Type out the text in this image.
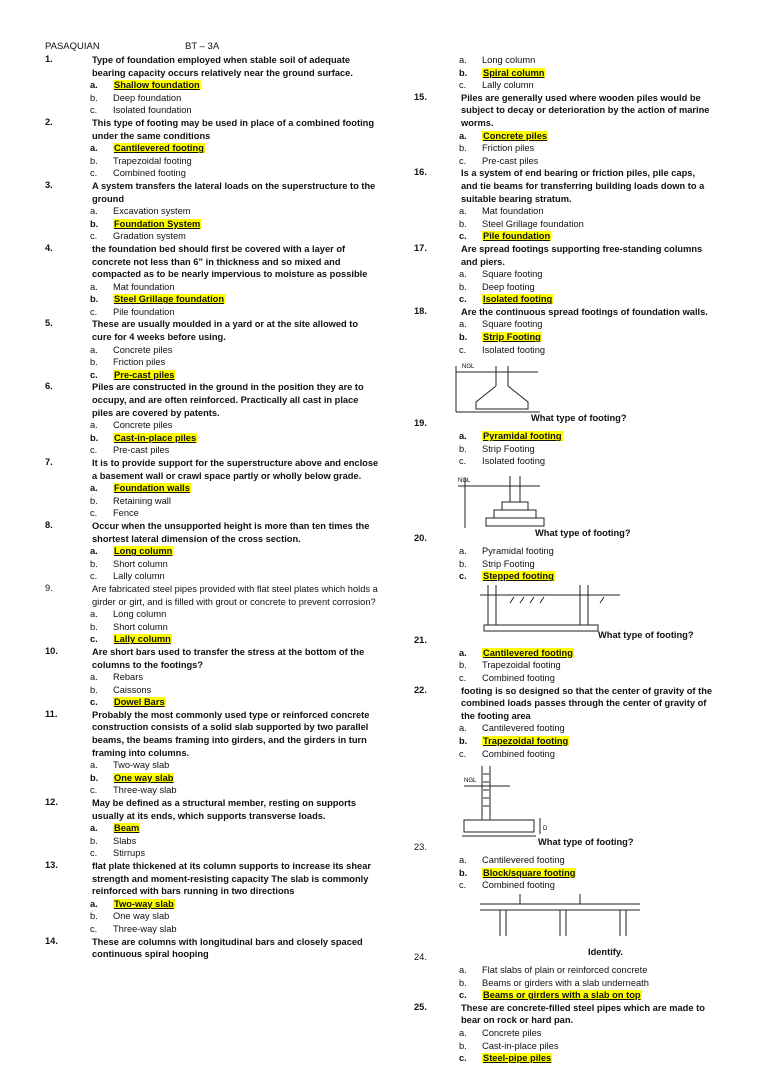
PASAQUIAN	BT – 3A
1.	Type of foundation employed when stable soil of adequate bearing capacity occurs relatively near the ground surface.
a. Shallow foundation
b. Deep foundation
c. Isolated foundation
2.	This type of footing may be used in place of a combined footing under the same conditions
a. Cantilevered footing
b. Trapezoidal footing
c. Combined footing
3.	A system transfers the lateral loads on the superstructure to the ground
a. Excavation system
b. Foundation System
c. Gradation system
4.	the foundation bed should first be covered with a layer of concrete not less than 6” in thickness and so mixed and compacted as to be nearly impervious to moisture as possible
a. Mat foundation
b. Steel Grillage foundation
c. Pile foundation
5.	These are usually moulded in a yard or at the site allowed to cure for 4 weeks before using.
a. Concrete piles
b. Friction piles
c. Pre-cast piles
6.	Piles are constructed in the ground in the position they are to occupy, and are often reinforced. Practically all cast in place piles are covered by patents.
a. Concrete piles
b. Cast-in-place piles
c. Pre-cast piles
7.	It is to provide support for the superstructure above and enclose a basement wall or crawl space partly or wholly below grade.
a. Foundation walls
b. Retaining wall
c. Fence
8.	Occur when the unsupported height is more than ten times the shortest lateral dimension of the cross section.
a. Long column
b. Short column
c. Lally column
9.	Are fabricated steel pipes provided with flat steel plates which holds a girder or girt, and is filled with grout or concrete to prevent corrosion?
a. Long column
b. Short column
c. Lally column
10.	Are short bars used to transfer the stress at the bottom of the columns to the footings?
a. Rebars
b. Caissons
c. Dowel Bars
11.	Probably the most commonly used type or reinforced concrete construction consists of a solid slab supported by two parallel beams, the beams framing into girders, and the girders in turn framing into columns.
a. Two-way slab
b. One way slab
c. Three-way slab
12.	May be defined as a structural member, resting on supports usually at its ends, which supports transverse loads.
a. Beam
b. Slabs
c. Stirrups
13.	flat plate thickened at its column supports to increase its shear strength and moment-resisting capacity The slab is commonly reinforced with bars running in two directions
a. Two-way slab
b. One way slab
c. Three-way slab
14.	These are columns with longitudinal bars and closely spaced continuous spiral hooping
a. Long column
b. Spiral column
c. Lally column
15.	Piles are generally used where wooden piles would be subject to decay or deterioration by the action of marine worms.
a. Concrete piles
b. Friction piles
c. Pre-cast piles
16.	Is a system of end bearing or friction piles, pile caps, and tie beams for transferring building loads down to a suitable bearing stratum.
a. Mat foundation
b. Steel Grillage foundation
c. Pile foundation
17.	Are spread footings supporting free-standing columns and piers.
a. Square footing
b. Deep footing
c. Isolated footing
18.	Are the continuous spread footings of foundation walls.
a. Square footing
b. Strip Footing
c. Isolated footing
NGL
19.	What type of footing?
a. Pyramidal footing
b. Strip Footing
c. Isolated footing
NGL
20.	What type of footing?
a. Pyramidal footing
b. Strip Footing
c. Stepped footing
21.	What type of footing?
a. Cantilevered footing
b. Trapezoidal footing
c. Combined footing
22.	footing is so designed so that the center of gravity of the combined loads passes through the center of gravity of the footing area
a. Cantilevered footing
b. Trapezoidal footing
c. Combined footing
NGL
D
23.	What type of footing?
a. Cantilevered footing
b. Block/square footing
c. Combined footing
24.	Identify.
a. Flat slabs of plain or reinforced concrete
b. Beams or girders with a slab underneath
c. Beams or girders with a slab on top
25.	These are concrete-filled steel pipes which are made to bear on rock or hard pan.
a. Concrete piles
b. Cast-in-place piles
c. Steel-pipe piles
